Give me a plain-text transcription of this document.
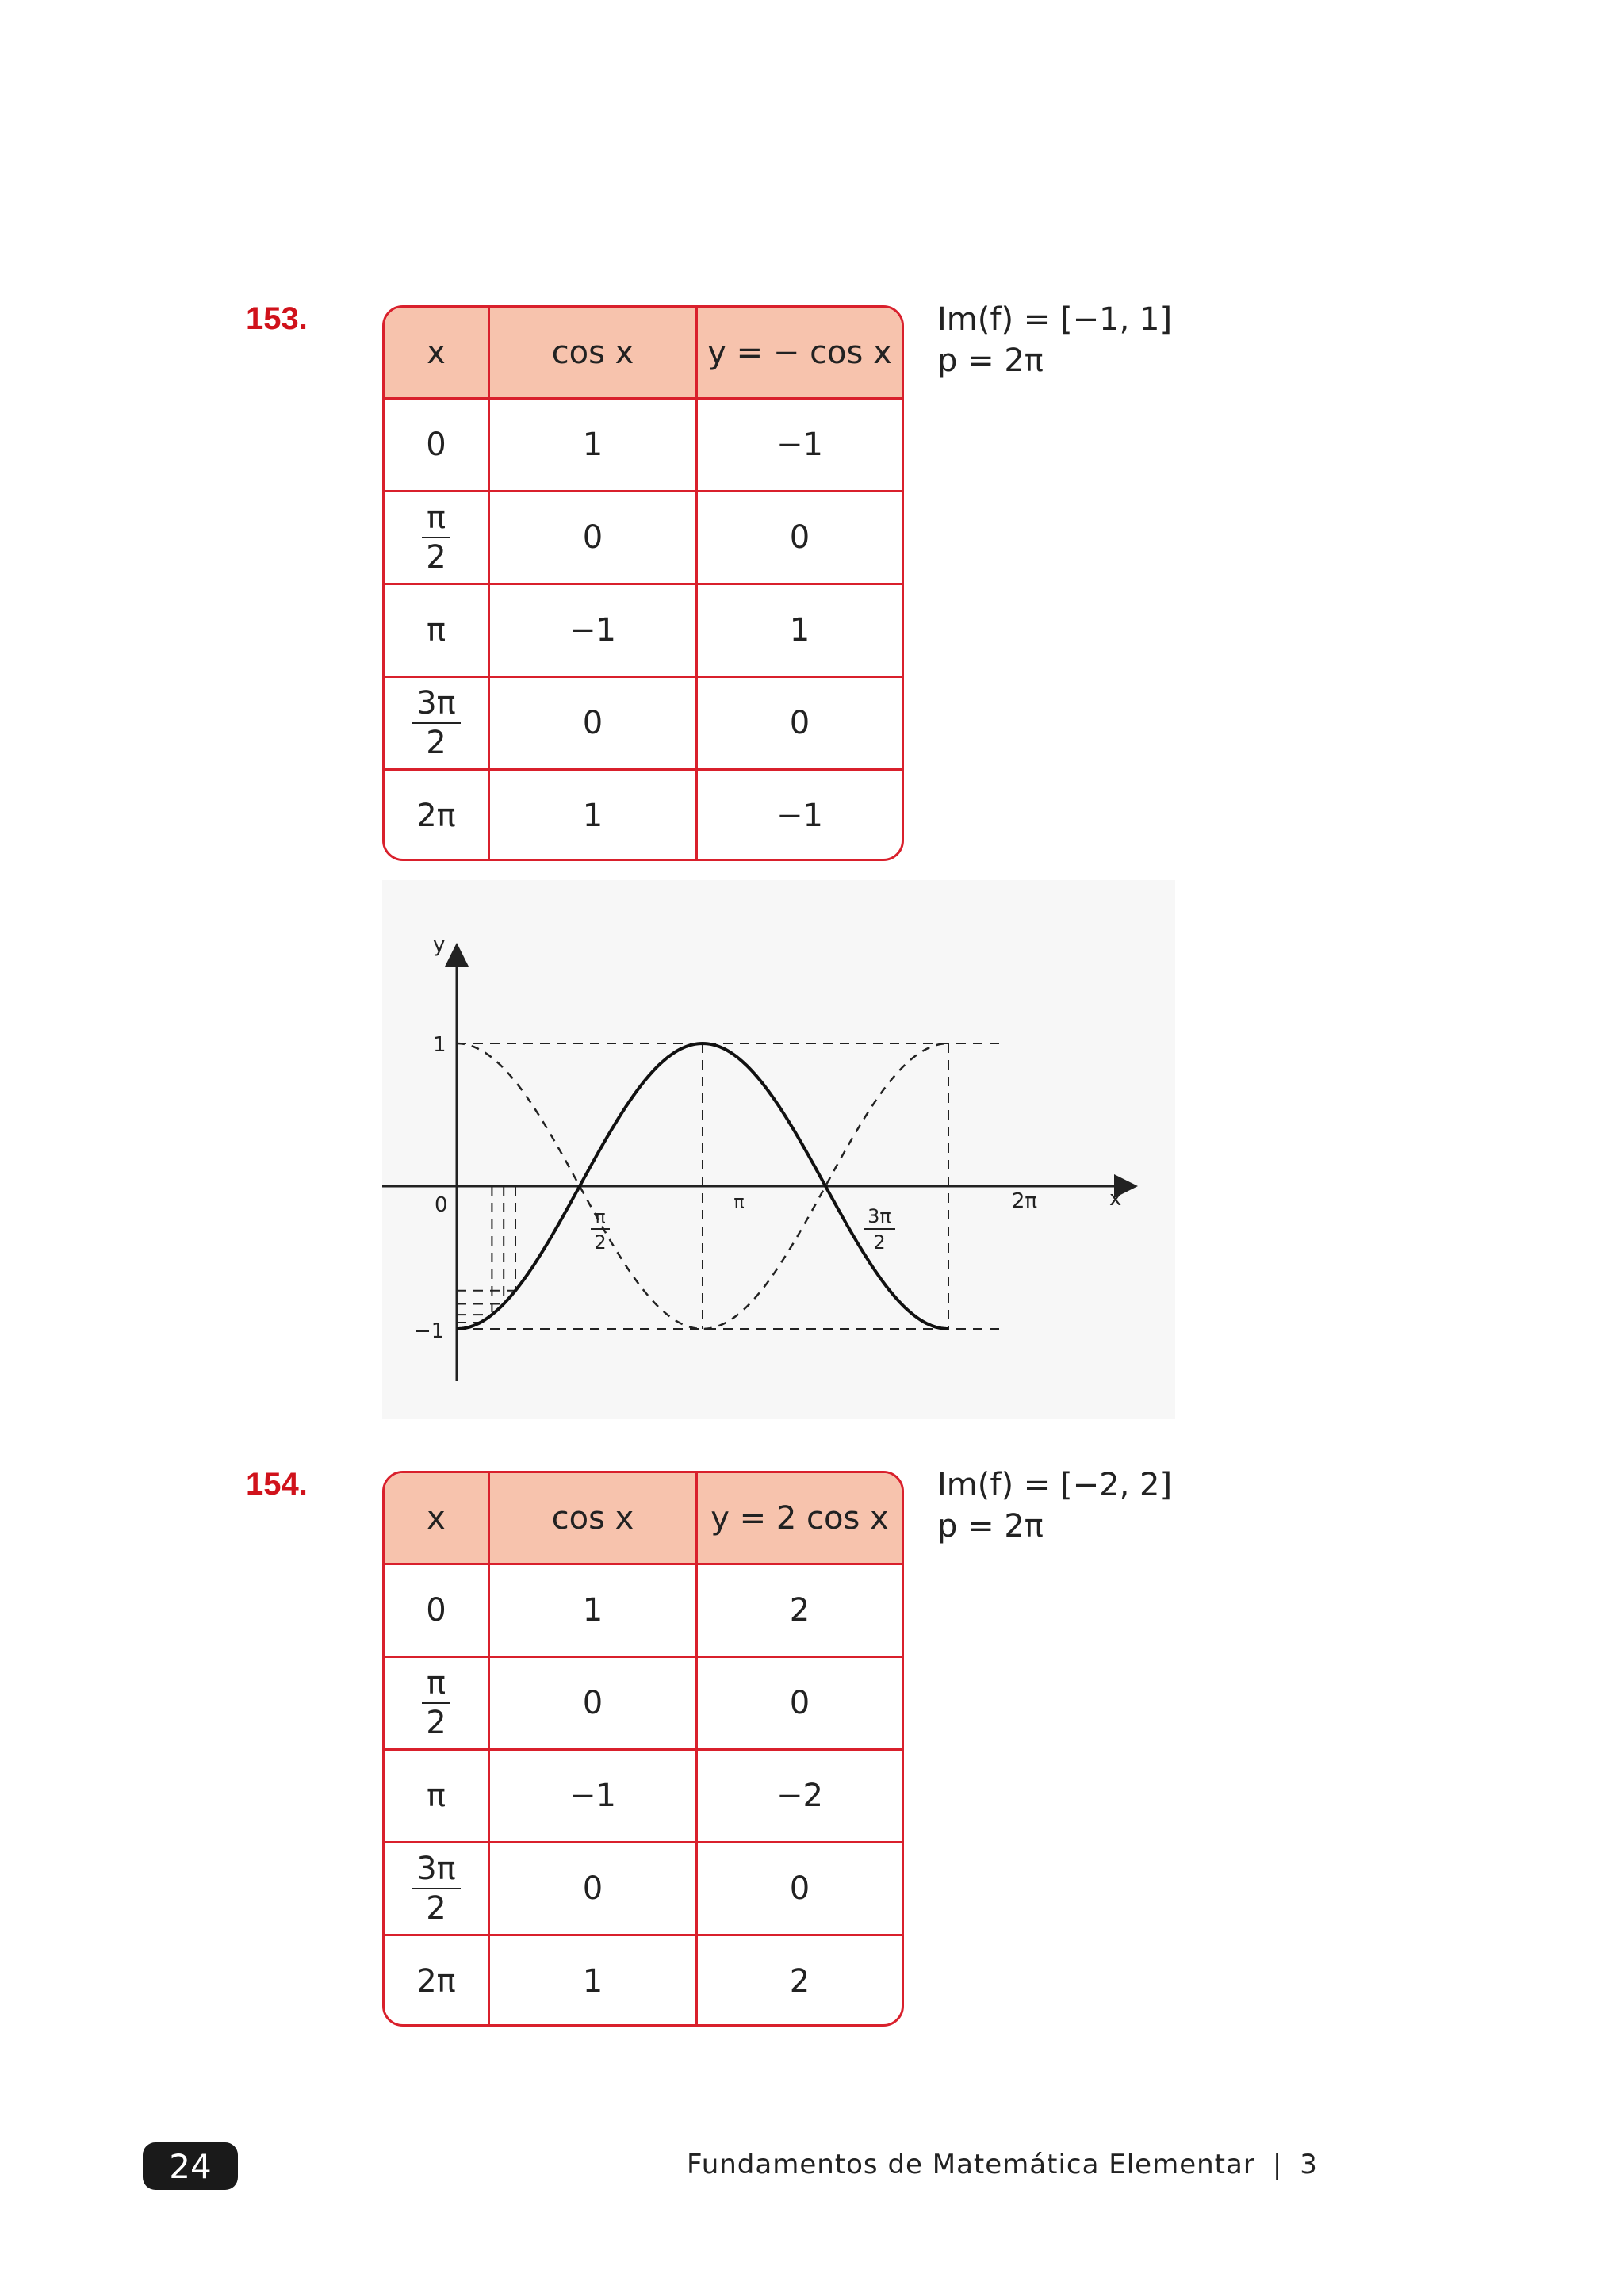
153.
x	cos x	y = − cos x
0	1	−1
$\frac{\pi}{2}$	0	0
π	−1	1
$\frac{3\pi}{2}$	0	0
2π	1	−1
Im(f) = [−1, 1]
p = 2π
y
x
0
1
−1
π
2
π
3π
2
2π
154.
x	cos x	y = 2 cos x
0	1	2
$\frac{\pi}{2}$	0	0
π	−1	−2
$\frac{3\pi}{2}$	0	0
2π	1	2
Im(f) = [−2, 2]
p = 2π
24	Fundamentos de Matemática Elementar | 3
